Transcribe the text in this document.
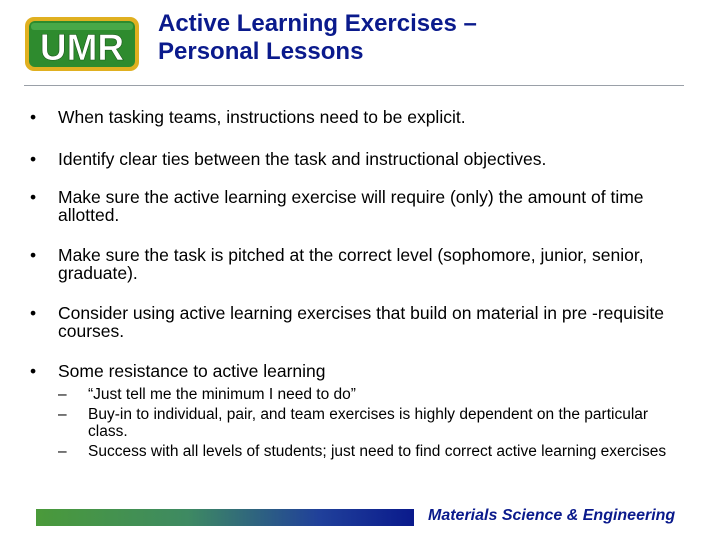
UMR
Active Learning Exercises –
Personal Lessons
• When tasking teams, instructions need to be explicit.
• Identify clear ties between the task and instructional objectives.
• Make sure the active learning exercise will require (only) the amount of time allotted.
• Make sure the task is pitched at the correct level (sophomore, junior, senior, graduate).
• Consider using active learning exercises that build on material in pre -requisite courses.
• Some resistance to active learning
– “Just tell me the minimum I need to do”
– Buy-in to individual, pair, and team exercises is highly dependent on the particular class.
– Success with all levels of students; just need to find correct active learning exercises
Materials Science & Engineering
